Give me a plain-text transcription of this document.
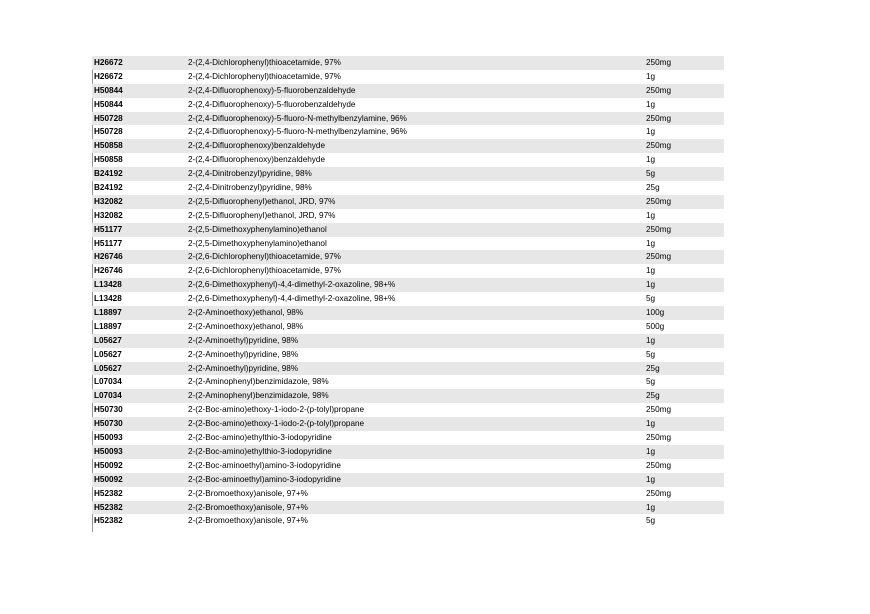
H26672	2-(2,4-Dichlorophenyl)thioacetamide, 97%	250mg
H26672	2-(2,4-Dichlorophenyl)thioacetamide, 97%	1g
H50844	2-(2,4-Difluorophenoxy)-5-fluorobenzaldehyde	250mg
H50844	2-(2,4-Difluorophenoxy)-5-fluorobenzaldehyde	1g
H50728	2-(2,4-Difluorophenoxy)-5-fluoro-N-methylbenzylamine, 96%	250mg
H50728	2-(2,4-Difluorophenoxy)-5-fluoro-N-methylbenzylamine, 96%	1g
H50858	2-(2,4-Difluorophenoxy)benzaldehyde	250mg
H50858	2-(2,4-Difluorophenoxy)benzaldehyde	1g
B24192	2-(2,4-Dinitrobenzyl)pyridine, 98%	5g
B24192	2-(2,4-Dinitrobenzyl)pyridine, 98%	25g
H32082	2-(2,5-Difluorophenyl)ethanol, JRD, 97%	250mg
H32082	2-(2,5-Difluorophenyl)ethanol, JRD, 97%	1g
H51177	2-(2,5-Dimethoxyphenylamino)ethanol	250mg
H51177	2-(2,5-Dimethoxyphenylamino)ethanol	1g
H26746	2-(2,6-Dichlorophenyl)thioacetamide, 97%	250mg
H26746	2-(2,6-Dichlorophenyl)thioacetamide, 97%	1g
L13428	2-(2,6-Dimethoxyphenyl)-4,4-dimethyl-2-oxazoline, 98+%	1g
L13428	2-(2,6-Dimethoxyphenyl)-4,4-dimethyl-2-oxazoline, 98+%	5g
L18897	2-(2-Aminoethoxy)ethanol, 98%	100g
L18897	2-(2-Aminoethoxy)ethanol, 98%	500g
L05627	2-(2-Aminoethyl)pyridine, 98%	1g
L05627	2-(2-Aminoethyl)pyridine, 98%	5g
L05627	2-(2-Aminoethyl)pyridine, 98%	25g
L07034	2-(2-Aminophenyl)benzimidazole, 98%	5g
L07034	2-(2-Aminophenyl)benzimidazole, 98%	25g
H50730	2-(2-Boc-amino)ethoxy-1-iodo-2-(p-tolyl)propane	250mg
H50730	2-(2-Boc-amino)ethoxy-1-iodo-2-(p-tolyl)propane	1g
H50093	2-(2-Boc-amino)ethylthio-3-iodopyridine	250mg
H50093	2-(2-Boc-amino)ethylthio-3-iodopyridine	1g
H50092	2-(2-Boc-aminoethyl)amino-3-iodopyridine	250mg
H50092	2-(2-Boc-aminoethyl)amino-3-iodopyridine	1g
H52382	2-(2-Bromoethoxy)anisole, 97+%	250mg
H52382	2-(2-Bromoethoxy)anisole, 97+%	1g
H52382	2-(2-Bromoethoxy)anisole, 97+%	5g
